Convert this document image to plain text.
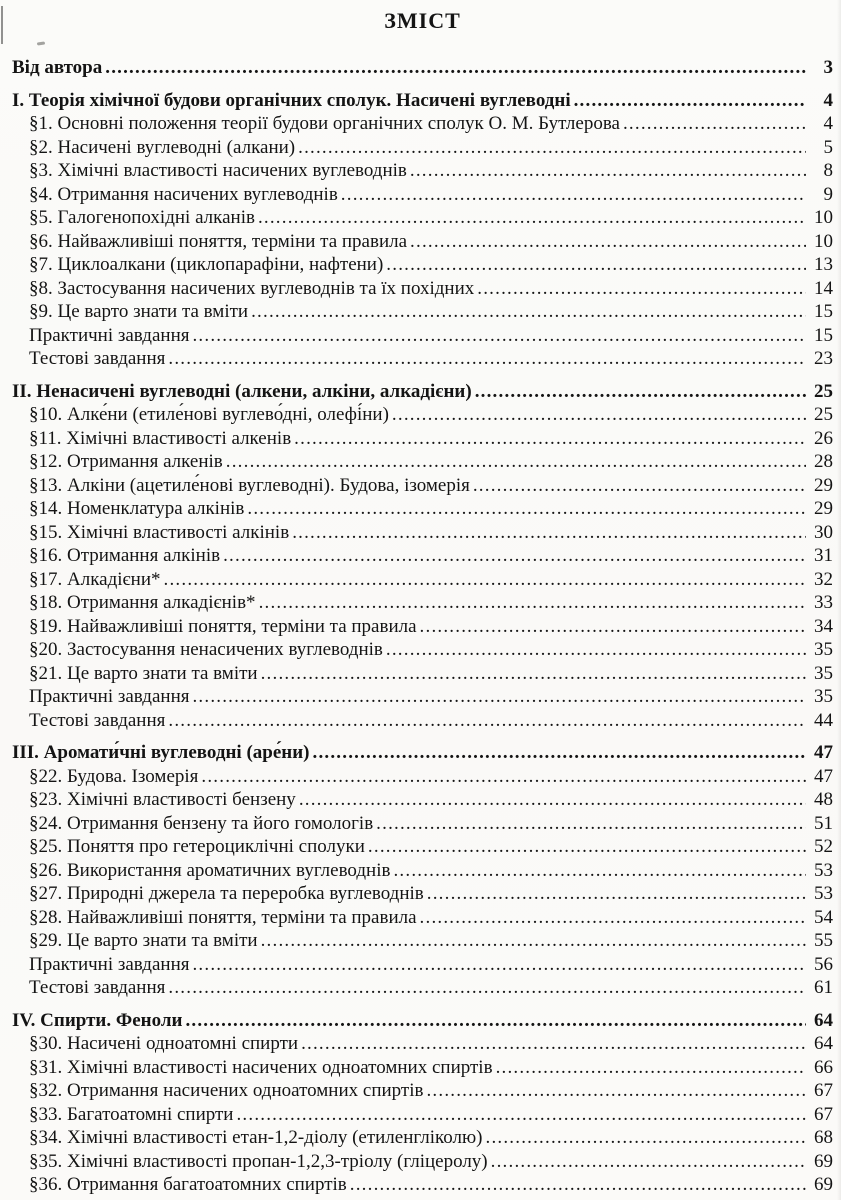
ЗМІСТ
Від автора .....	3
I. Теорія хімічної будови органічних сполук. Насичені вуглеводні .....	4
§1. Основні положення теорії будови органічних сполук О. М. Бутлерова .....	4
§2. Насичені вуглеводні (алкани) .....	5
§3. Хімічні властивості насичених вуглеводнів .....	8
§4. Отримання насичених вуглеводнів .....	9
§5. Галогенопохідні алканів .....	10
§6. Найважливіші поняття, терміни та правила .....	10
§7. Циклоалкани (циклопарафіни, нафтени) .....	13
§8. Застосування насичених вуглеводнів та їх похідних .....	14
§9. Це варто знати та вміти .....	15
Практичні завдання .....	15
Тестові завдання .....	23
II. Ненасичені вуглеводні (алкени, алкіни, алкадієни) .....	25
§10. Алке́ни (етиле́нові вуглево́дні, олефі́ни) .....	25
§11. Хімічні властивості алкенів .....	26
§12. Отримання алкенів .....	28
§13. Алкіни (ацетиле́нові вуглеводні). Будова, ізомерія .....	29
§14. Номенклатура алкінів .....	29
§15. Хімічні властивості алкінів .....	30
§16. Отримання алкінів .....	31
§17. Алкадієни* .....	32
§18. Отримання алкадієнів* .....	33
§19. Найважливіші поняття, терміни та правила .....	34
§20. Застосування ненасичених вуглеводнів .....	35
§21. Це варто знати та вміти .....	35
Практичні завдання .....	35
Тестові завдання .....	44
III. Аромати́чні вуглеводні (аре́ни) .....	47
§22. Будова. Ізомерія .....	47
§23. Хімічні властивості бензену .....	48
§24. Отримання бензену та його гомологів .....	51
§25. Поняття про гетероциклічні сполуки .....	52
§26. Використання ароматичних вуглеводнів .....	53
§27. Природні джерела та переробка вуглеводнів .....	53
§28. Найважливіші поняття, терміни та правила .....	54
§29. Це варто знати та вміти .....	55
Практичні завдання .....	56
Тестові завдання .....	61
IV. Спирти. Феноли .....	64
§30. Насичені одноатомні спирти .....	64
§31. Хімічні властивості насичених одноатомних спиртів .....	66
§32. Отримання насичених одноатомних спиртів .....	67
§33. Багатоатомні спирти .....	67
§34. Хімічні властивості етан-1,2-діолу (етиленгліколю) .....	68
§35. Хімічні властивості пропан-1,2,3-тріолу (гліцеролу) .....	69
§36. Отримання багатоатомних спиртів .....	69
